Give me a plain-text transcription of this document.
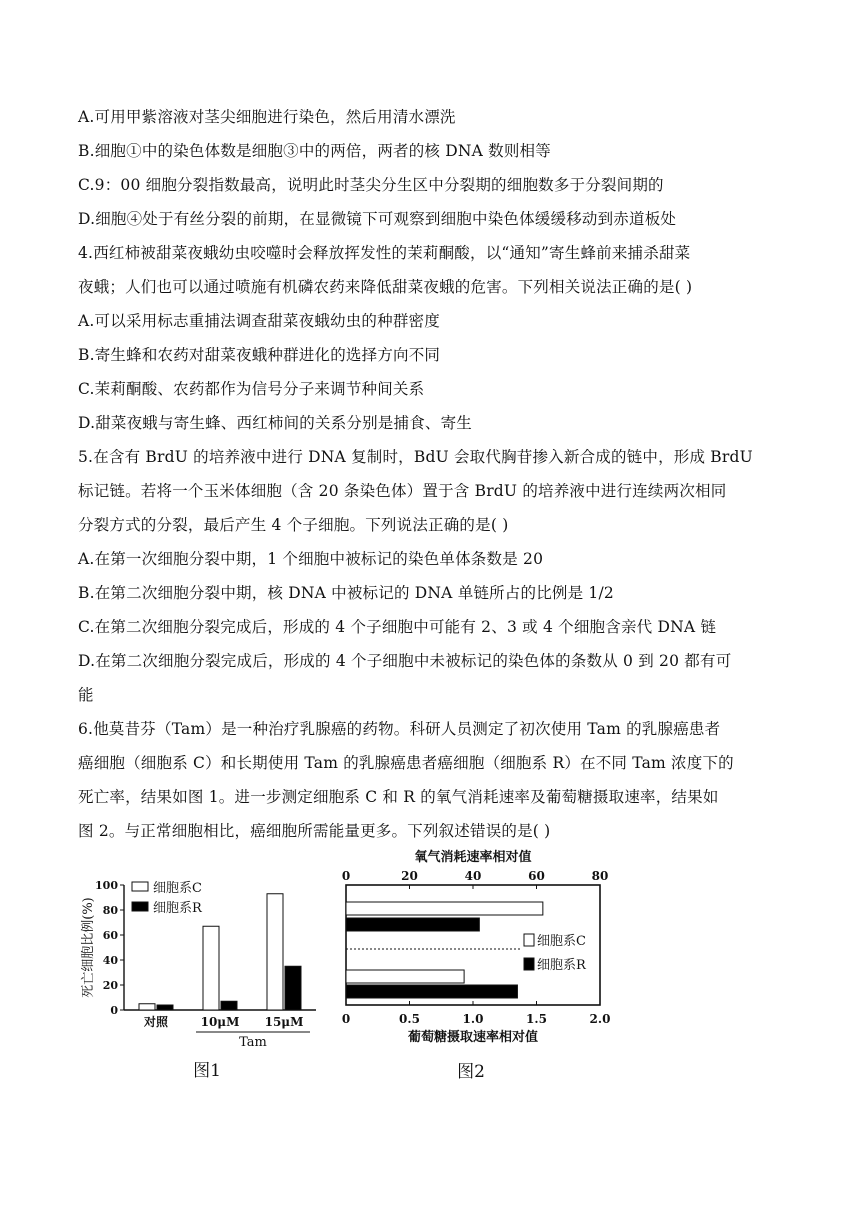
A.可用甲紫溶液对茎尖细胞进行染色，然后用清水漂洗
B.细胞①中的染色体数是细胞③中的两倍，两者的核 DNA 数则相等
C.9：00 细胞分裂指数最高，说明此时茎尖分生区中分裂期的细胞数多于分裂间期的
D.细胞④处于有丝分裂的前期，在显微镜下可观察到细胞中染色体缓缓移动到赤道板处
4.西红柿被甜菜夜蛾幼虫咬噬时会释放挥发性的茉莉酮酸，以“通知”寄生蜂前来捕杀甜菜
夜蛾；人们也可以通过喷施有机磷农药来降低甜菜夜蛾的危害。下列相关说法正确的是( )
A.可以采用标志重捕法调查甜菜夜蛾幼虫的种群密度
B.寄生蜂和农药对甜菜夜蛾种群进化的选择方向不同
C.茉莉酮酸、农药都作为信号分子来调节种间关系
D.甜菜夜蛾与寄生蜂、西红柿间的关系分别是捕食、寄生
5.在含有 BrdU 的培养液中进行 DNA 复制时，BdU 会取代胸苷掺入新合成的链中，形成 BrdU
标记链。若将一个玉米体细胞（含 20 条染色体）置于含 BrdU 的培养液中进行连续两次相同
分裂方式的分裂，最后产生 4 个子细胞。下列说法正确的是( )
A.在第一次细胞分裂中期，1 个细胞中被标记的染色单体条数是 20
B.在第二次细胞分裂中期，核 DNA 中被标记的 DNA 单链所占的比例是 1/2
C.在第二次细胞分裂完成后，形成的 4 个子细胞中可能有 2、3 或 4 个细胞含亲代 DNA 链
D.在第二次细胞分裂完成后，形成的 4 个子细胞中未被标记的染色体的条数从 0 到 20 都有可
能
6.他莫昔芬（Tam）是一种治疗乳腺癌的药物。科研人员测定了初次使用 Tam 的乳腺癌患者
癌细胞（细胞系 C）和长期使用 Tam 的乳腺癌患者癌细胞（细胞系 R）在不同 Tam 浓度下的
死亡率，结果如图 1。进一步测定细胞系 C 和 R 的氧气消耗速率及葡萄糖摄取速率，结果如
图 2。与正常细胞相比，癌细胞所需能量更多。下列叙述错误的是( )
0
20
40
60
80
100
死亡细胞比例(%)
对照	10μM 15μM
Tam
细胞系C
细胞系R
图1
氧气消耗速率相对值
0	20	40	60	80
0	0.5	1.0	1.5	2.0
葡萄糖摄取速率相对值
细胞系C
细胞系R
图2
